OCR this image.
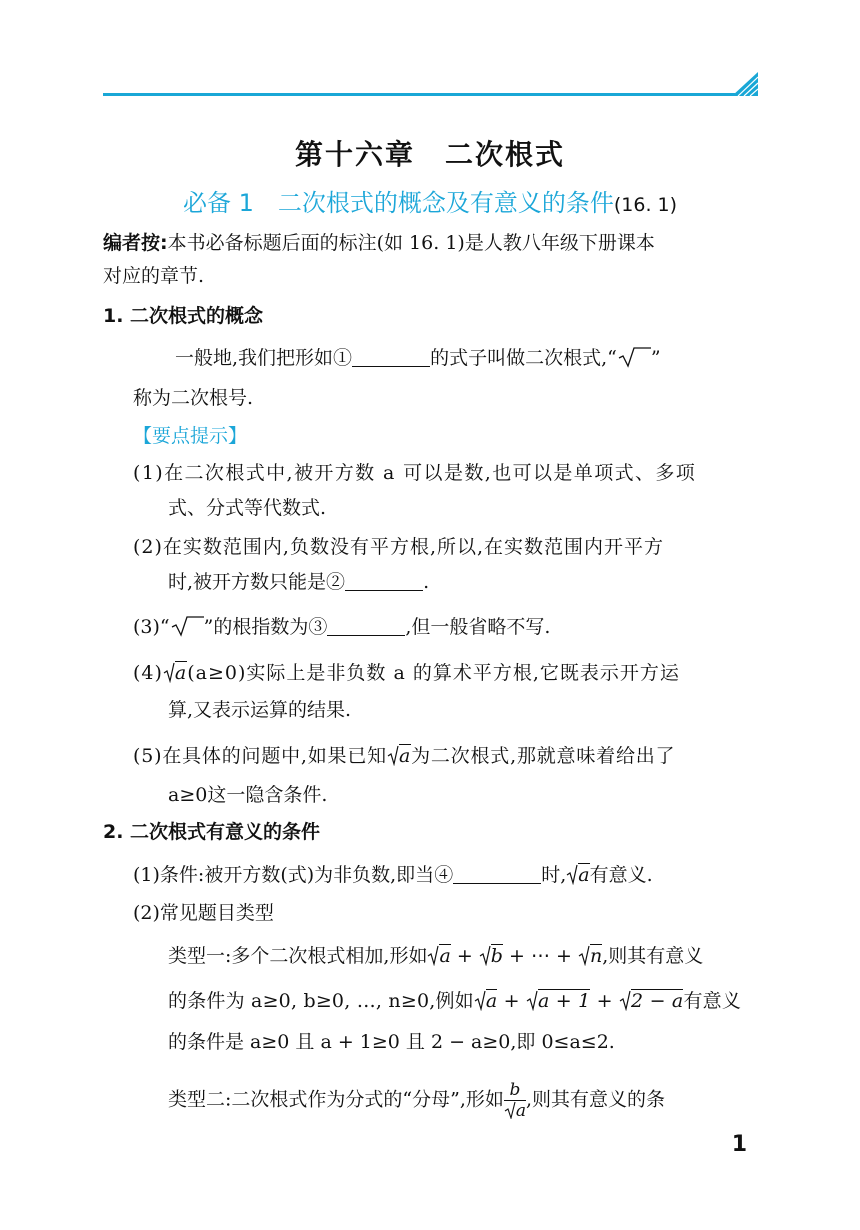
第十六章　二次根式
必备 1　二次根式的概念及有意义的条件(16. 1)
编者按:本书必备标题后面的标注(如 16. 1)是人教八年级下册课本
对应的章节.
1. 二次根式的概念
一般地,我们把形如①	的式子叫做二次根式,“ ”
称为二次根号.
【要点提示】
(1)在二次根式中,被开方数 a 可以是数,也可以是单项式、多项
式、分式等代数式.
(2)在实数范围内,负数没有平方根,所以,在实数范围内开平方
时,被开方数只能是②	.
(3)“ ”的根指数为③	,但一般省略不写.
(4) a(a≥0)实际上是非负数 a 的算术平方根,它既表示开方运
算,又表示运算的结果.
(5)在具体的问题中,如果已知 a为二次根式,那就意味着给出了
a≥0这一隐含条件.
2. 二次根式有意义的条件
(1)条件:被开方数(式)为非负数,即当④	时, a有意义.
(2)常见题目类型
类型一:多个二次根式相加,形如 a + b + ⋯ + n,则其有意义
的条件为 a≥0, b≥0, …, n≥0,例如 a + a + 1 + 2 − a有意义
的条件是 a≥0 且 a + 1≥0 且 2 − a≥0,即 0≤a≤2.
类型二:二次根式作为分式的“分母”,形如 $\frac{b}{a}$ ,则其有意义的条
1
